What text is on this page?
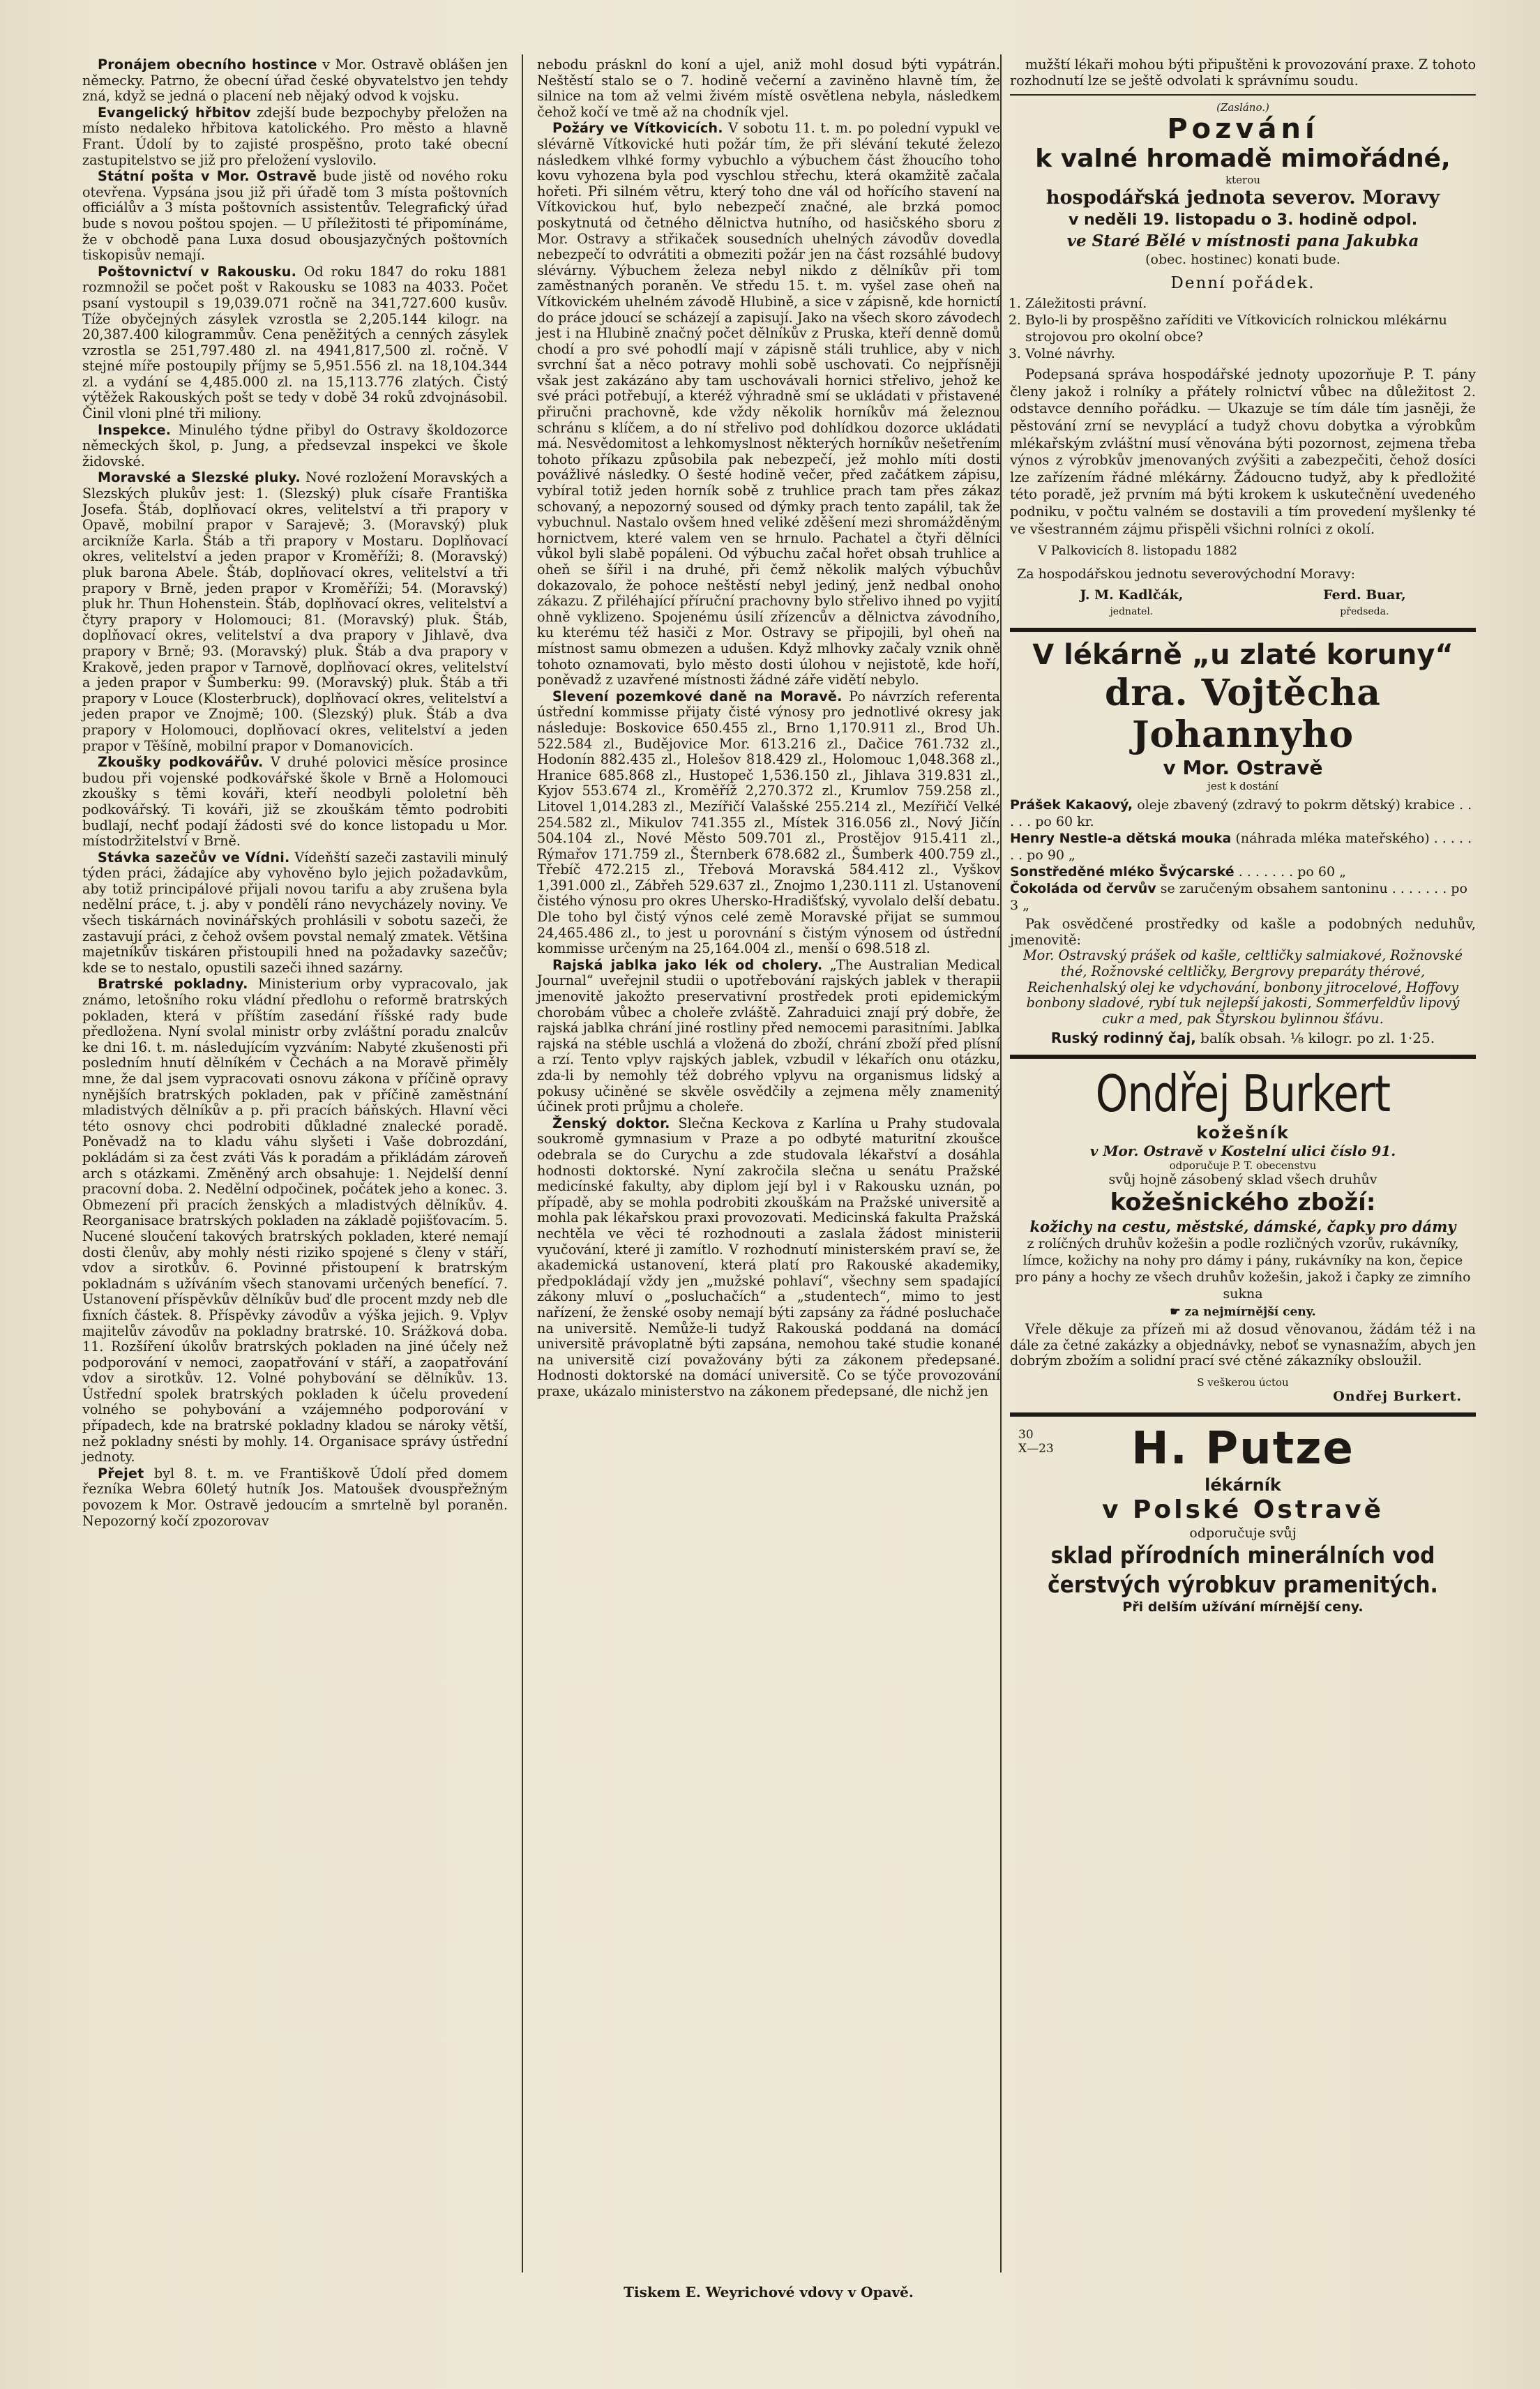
Pronájem obecního hostince v Mor. Ostravě oblášen jen německy. Patrno, že obecní úřad české obyvatelstvo jen tehdy zná, když se jedná o placení neb nějaký odvod k vojsku.

Evangelický hřbitov zdejší bude bezpochyby přeložen na místo nedaleko hřbitova katolického. Pro město a hlavně Frant. Údolí by to zajisté prospěšno, proto také obecní zastupitelstvo se již pro přeložení vyslovilo.

Státní pošta v Mor. Ostravě bude jistě od nového roku otevřena. Vypsána jsou již při úřadě tom 3 místa poštovních officiálův a 3 místa poštovních assistentův. Telegrafický úřad bude s novou poštou spojen. — U příležitosti té připomínáme, že v obchodě pana Luxa dosud obousjazyčných poštovních tiskopisův nemají.

Poštovnictví v Rakousku. Od roku 1847 do roku 1881 rozmnožil se počet pošt v Rakousku se 1083 na 4033. Počet psaní vystoupil s 19,039.071 ročně na 341,727.600 kusův. Tíže obyčejných zásylek vzrostla se 2,205.144 kilogr. na 20,387.400 kilogrammův. Cena peněžitých a cenných zásylek vzrostla se 251,797.480 zl. na 4941,817,500 zl. ročně. V stejné míře postoupily příjmy se 5,951.556 zl. na 18,104.344 zl. a vydání se 4,485.000 zl. na 15,113.776 zlatých. Čistý výtěžek Rakouských pošt se tedy v době 34 roků zdvojnásobil. Činil vloni plné tři miliony.

Inspekce. Minulého týdne přibyl do Ostravy školdozorce německých škol, p. Jung, a předsevzal inspekci ve škole židovské.

Moravské a Slezské pluky. Nové rozložení Moravských a Slezských plukův jest: 1. (Slezský) pluk císaře Františka Josefa. Štáb, doplňovací okres, velitelství a tři prapory v Opavě, mobilní prapor v Sarajevě; 3. (Moravský) pluk arcikníže Karla. Štáb a tři prapory v Mostaru. Doplňovací okres, velitelství a jeden prapor v Kroměříži; 8. (Moravský) pluk barona Abele. Štáb, doplňovací okres, velitelství a tři prapory v Brně, jeden prapor v Kroměříži; 54. (Moravský) pluk hr. Thun Hohenstein. Štáb, doplňovací okres, velitelství a čtyry prapory v Holomouci; 81. (Moravský) pluk. Štáb, doplňovací okres, velitelství a dva prapory v Jihlavě, dva prapory v Brně; 93. (Moravský) pluk. Štáb a dva prapory v Krakově, jeden prapor v Tarnově, doplňovací okres, velitelství a jeden prapor v Šumberku: 99. (Moravský) pluk. Štáb a tři prapory v Louce (Klosterbruck), doplňovací okres, velitelství a jeden prapor ve Znojmě; 100. (Slezský) pluk. Štáb a dva prapory v Holomouci, doplňovací okres, velitelství a jeden prapor v Těšíně, mobilní prapor v Domanovicích.

Zkoušky podkovářův. V druhé polovici měsíce prosince budou při vojenské podkovářské škole v Brně a Holomouci zkoušky s těmi kováři, kteří neodbyli pololetní běh podkovářský. Ti kováři, již se zkouškám těmto podrobiti budlají, nechť podají žádosti své do konce listopadu u Mor. místodržitelství v Brně.

Stávka sazečův ve Vídni. Vídeňští sazeči zastavili minulý týden práci, žádajíce aby vyhověno bylo jejich požadavkům, aby totiž principálové přijali novou tarifu a aby zrušena byla nedělní práce, t. j. aby v pondělí ráno nevycházely noviny. Ve všech tiskárnách novinářských prohlásili v sobotu sazeči, že zastavují práci, z čehož ovšem povstal nemalý zmatek. Většina majetníkův tiskáren přistoupili hned na požadavky sazečův; kde se to nestalo, opustili sazeči ihned sazárny.

Bratrské pokladny. Ministerium orby vypracovalo, jak známo, letošního roku vládní předlohu o reformě bratrských pokladen, která v příštím zasedání říšské rady bude předložena. Nyní svolal ministr orby zvláštní poradu znalcův ke dni 16. t. m. následujícím vyzváním: Nabyté zkušenosti při posledním hnutí dělníkém v Čechách a na Moravě přiměly mne, že dal jsem vypracovati osnovu zákona v příčině opravy nynějších bratrských pokladen, pak v příčině zaměstnání mladistvých dělníkův a p. při pracích báňských. Hlavní věci této osnovy chci podrobiti důkladné znalecké poradě. Poněvadž na to kladu váhu slyšeti i Vaše dobrozdání, pokládám si za čest zváti Vás k poradám a přikládám zároveň arch s otázkami. Změněný arch obsahuje: 1. Nejdelší denní pracovní doba. 2. Nedělní odpočinek, počátek jeho a konec. 3. Obmezení při pracích ženských a mladistvých dělníkův. 4. Reorganisace bratrských pokladen na základě pojišťovacím. 5. Nucené sloučení takových bratrských pokladen, které nemají dosti členův, aby mohly nésti riziko spojené s členy v stáří, vdov a sirotkův. 6. Povinné přistoupení k bratrským pokladnám s užíváním všech stanovami určených benefící. 7. Ustanovení příspěvkův dělníkův buď dle procent mzdy neb dle fixních částek. 8. Příspěvky závodův a výška jejich. 9. Vplyv majitelův závodův na pokladny bratrské. 10. Srážková doba. 11. Rozšíření úkolův bratrských pokladen na jiné účely než podporování v nemoci, zaopatřování v stáří, a zaopatřování vdov a sirotkův. 12. Volné pohybování se dělníkův. 13. Ústřední spolek bratrských pokladen k účelu provedení volného se pohybování a vzájemného podporování v případech, kde na bratrské pokladny kladou se nároky větší, než pokladny snésti by mohly. 14. Organisace správy ústřední jednoty.

Přejet byl 8. t. m. ve Františkově Údolí před domem řezníka Webra 60letý hutník Jos. Matoušek dvouspřežným povozem k Mor. Ostravě jedoucím a smrtelně byl poraněn. Nepozorný kočí zpozorovav

nebodu prásknl do koní a ujel, aniž mohl dosud býti vypátrán. Neštěstí stalo se o 7. hodině večerní a zaviněno hlavně tím, že silnice na tom až velmi živém místě osvětlena nebyla, následkem čehož kočí ve tmě až na chodník vjel.

Požáry ve Vítkovicích. V sobotu 11. t. m. po polední vypukl ve slévárně Vítkovické huti požár tím, že při slévání tekuté železo následkem vlhké formy vybuchlo a výbuchem část žhoucího toho kovu vyhozena byla pod vyschlou střechu, která okamžitě začala hořeti. Při silném větru, který toho dne vál od hořícího stavení na Vítkovickou huť, bylo nebezpečí značné, ale brzká pomoc poskytnutá od četného dělnictva hutního, od hasičského sboru z Mor. Ostravy a střikaček sousedních uhelných závodův dovedla nebezpečí to odvrátiti a obmeziti požár jen na část rozsáhlé budovy slévárny. Výbuchem železa nebyl nikdo z dělníkův při tom zaměstnaných poraněn. Ve středu 15. t. m. vyšel zase oheň na Vítkovickém uhelném závodě Hlubině, a sice v zápisně, kde hornictí do práce jdoucí se scházejí a zapisují. Jako na všech skoro závodech jest i na Hlubině značný počet dělníkův z Pruska, kteří denně domů chodí a pro své pohodlí mají v zápisně stáli truhlice, aby v nich svrchní šat a něco potravy mohli sobě uschovati. Co nejpřísněji však jest zakázáno aby tam uschovávali hornici střelivo, jehož ke své práci potřebují, a kteréž výhradně smí se ukládati v přistavené přiručni prachovně, kde vždy několik horníkův má železnou schránu s klíčem, a do ní střelivo pod dohlídkou dozorce ukládati má. Nesvědomitost a lehkomyslnost některých horníkův nešetřením tohoto příkazu způsobila pak nebezpečí, jež mohlo míti dosti povážlivé následky. O šesté hodině večer, před začátkem zápisu, vybíral totiž jeden horník sobě z truhlice prach tam přes zákaz schovaný, a nepozorný soused od dýmky prach tento zapálil, tak že vybuchnul. Nastalo ovšem hned veliké zděšení mezi shromážděným hornictvem, které valem ven se hrnulo. Pachatel a čtyři dělníci vůkol byli slabě popáleni. Od výbuchu začal hořet obsah truhlice a oheň se šířil i na druhé, při čemž několik malých výbuchův dokazovalo, že pohoce neštěstí nebyl jediný, jenž nedbal onoho zákazu. Z přiléhající příruční prachovny bylo střelivo ihned po vyjití ohně vyklizeno. Spojenému úsilí zřízencův a dělnictva závodního, ku kterému též hasiči z Mor. Ostravy se připojili, byl oheň na místnost samu obmezen a udušen. Když mlhovky začaly vznik ohně tohoto oznamovati, bylo město dosti úlohou v nejistotě, kde hoří, poněvadž z uzavřené místnosti žádné záře vidětí nebylo.

Slevení pozemkové daně na Moravě. Po návrzích referenta ústřední kommisse přijaty čisté výnosy pro jednotlivé okresy jak následuje: Boskovice 650.455 zl., Brno 1,170.911 zl., Brod Uh. 522.584 zl., Budějovice Mor. 613.216 zl., Dačice 761.732 zl., Hodonín 882.435 zl., Holešov 818.429 zl., Holomouc 1,048.368 zl., Hranice 685.868 zl., Hustopeč 1,536.150 zl., Jihlava 319.831 zl., Kyjov 553.674 zl., Kroměříž 2,270.372 zl., Krumlov 759.258 zl., Litovel 1,014.283 zl., Mezířičí Valašské 255.214 zl., Mezířičí Velké 254.582 zl., Mikulov 741.355 zl., Místek 316.056 zl., Nový Jičín 504.104 zl., Nové Město 509.701 zl., Prostějov 915.411 zl., Rýmařov 171.759 zl., Šternberk 678.682 zl., Šumberk 400.759 zl., Třebíč 472.215 zl., Třebová Moravská 584.412 zl., Vyškov 1,391.000 zl., Zábřeh 529.637 zl., Znojmo 1,230.111 zl. Ustanovení čistého výnosu pro okres Uhersko-Hradišťský, vyvolalo delší debatu. Dle toho byl čistý výnos celé země Moravské přijat se summou 24,465.486 zl., to jest u porovnání s čistým výnosem od ústřední kommisse určeným na 25,164.004 zl., menší o 698.518 zl.

Rajská jablka jako lék od cholery. „The Australian Medical Journal“ uveřejnil studii o upotřebování rajských jablek v therapii jmenovitě jakožto preservativní prostředek proti epidemickým chorobám vůbec a choleře zvláště. Zahraduici znají prý dobře, že rajská jablka chrání jiné rostliny před nemocemi parasitními. Jablka rajská na stéble uschlá a vložená do zboží, chrání zboží před plísní a rzí. Tento vplyv rajských jablek, vzbudil v lékařích onu otázku, zda-li by nemohly též dobrého vplyvu na organismus lidský a pokusy učiněné se skvěle osvědčily a zejmena měly znamenitý účinek proti průjmu a choleře.

Ženský doktor. Slečna Keckova z Karlína u Prahy studovala soukromě gymnasium v Praze a po odbyté maturitní zkoušce odebrala se do Curychu a zde studovala lékařství a dosáhla hodnosti doktorské. Nyní zakročila slečna u senátu Pražské medicínské fakulty, aby diplom její byl i v Rakousku uznán, po případě, aby se mohla podrobiti zkouškám na Pražské universitě a mohla pak lékařskou praxi provozovati. Medicinská fakulta Pražská nechtěla ve věci té rozhodnouti a zaslala žádost ministerii vyučování, které ji zamítlo. V rozhodnutí ministerském praví se, že akademická ustanovení, která platí pro Rakouské akademiky, předpokládají vždy jen „mužské pohlaví“, všechny sem spadající zákony mluví o „posluchačích“ a „studentech“, mimo to jest nařízení, že ženské osoby nemají býti zapsány za řádné posluchače na universitě. Nemůže-li tudyž Rakouská poddaná na domácí universitě právoplatně býti zapsána, nemohou také studie konané na universitě cizí považovány býti za zákonem předepsané. Hodnosti doktorské na domácí universitě. Co se týče provozování praxe, ukázalo ministerstvo na zákonem předepsané, dle nichž jen

mužští lékaři mohou býti připuštěni k provozování praxe. Z tohoto rozhodnutí lze se ještě odvolati k správnímu soudu.

(Zasláno.)
Pozvání
k valné hromadě mimořádné,
kterou
hospodářská jednota severov. Moravy
v neděli 19. listopadu o 3. hodině odpol.
ve Staré Bělé v místnosti pana Jakubka
(obec. hostinec) konati bude.
Denní pořádek.
1. Záležitosti právní.
2. Bylo-li by prospěšno zaříditi ve Vítkovicích rolnickou mlékárnu strojovou pro okolní obce?
3. Volné návrhy.

Podepsaná správa hospodářské jednoty upozorňuje P. T. pány členy jakož i rolníky a přátely rolnictví vůbec na důležitost 2. odstavce denního pořádku. — Ukazuje se tím dále tím jasněji, že pěstování zrní se nevyplácí a tudyž chovu dobytka a výrobkům mlékařským zvláštní musí věnována býti pozornost, zejmena třeba výnos z výrobkův jmenovaných zvýšiti a zabezpečiti, čehož dosíci lze zařízením řádné mlékárny. Žádoucno tudyž, aby k předložité této poradě, jež prvním má býti krokem k uskutečnění uvedeného podniku, v počtu valném se dostavili a tím provedení myšlenky té ve všestranném zájmu přispěli všichni rolníci z okolí.

V Palkovicích 8. listopadu 1882
Za hospodářskou jednotu severovýchodní Moravy:
J. M. Kadlčák,
jednatel.
Ferd. Buar,
předseda.
V lékárně „u zlaté koruny“
dra. Vojtěcha Johannyho
v Mor. Ostravě
jest k dostání
Prášek Kakaový, oleje zbavený (zdravý to pokrm dětský) krabice . . . . . po 60 kr.
Henry Nestle-a dětská mouka (náhrada mléka mateřského) . . . . . . . po 90 „
Sonstředěné mléko Švýcarské . . . . . . . po 60 „
Čokoláda od červův se zaručeným obsahem santoninu . . . . . . . po 3 „

Pak osvědčené prostředky od kašle a podobných neduhův, jmenovitě:

Mor. Ostravský prášek od kašle, celtličky salmiakové, Rožnovské thé, Rožnovské celtličky, Bergrovy preparáty thérové, Reichenhalský olej ke vdychování, bonbony jitrocelové, Hoffovy bonbony sladové, rybí tuk nejlepší jakosti, Sommerfeldův lipový cukr a med, pak Štyrskou bylinnou šťávu.

Ruský rodinný čaj, balík obsah. ⅛ kilogr. po zl. 1·25.
Ondřej Burkert
kožešník
v Mor. Ostravě v Kostelní ulici číslo 91.
odporučuje P. T. obecenstvu
svůj hojně zásobený sklad všech druhův
kožešnického zboží:
kožichy na cestu, městské, dámské, čapky pro dámy
z rolíčných druhův kožešin a podle rozličných vzorův, rukávníky, límce, kožichy na nohy pro dámy i pány, rukávníky na kon, čepice pro pány a hochy ze všech druhův kožešin, jakož i čapky ze zimního sukna
☛ za nejmírnější ceny.

Vřele děkuje za přízeň mi až dosud věnovanou, žádám též i na dále za četné zakázky a objednávky, neboť se vynasnažím, abych jen dobrým zbožím a solidní prací své ctěné zákazníky obsloužil.

S veškerou úctou
Ondřej Burkert.
30
X—23	H. Putze
lékárník
v Polské Ostravě
odporučuje svůj
sklad přírodních minerálních vod
čerstvých výrobkuv pramenitých.
Při delším užívání mírnější ceny.
Tiskem E. Weyrichové vdovy v Opavě.
